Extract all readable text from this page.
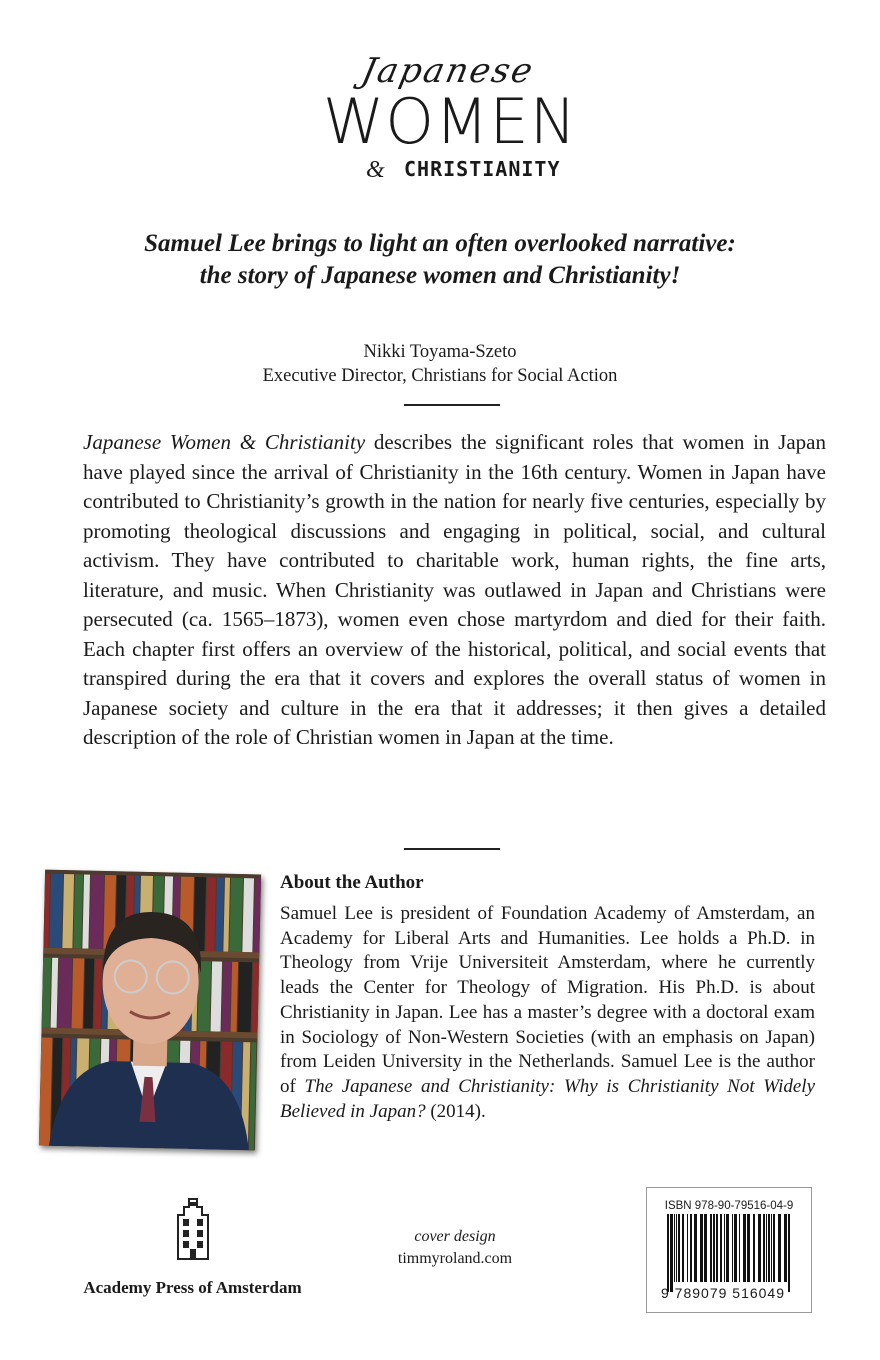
Japanese
WOMEN
& CHRISTIANITY
Samuel Lee brings to light an often overlooked narrative:
the story of Japanese women and Christianity!
Nikki Toyama-Szeto
Executive Director, Christians for Social Action
Japanese Women & Christianity describes the significant roles that women in Japan have played since the arrival of Christianity in the 16th century. Women in Japan have contributed to Christianity’s growth in the nation for nearly five centuries, especially by promoting theological discussions and engaging in political, social, and cultural activism. They have contributed to charitable work, human rights, the fine arts, literature, and music. When Christianity was outlawed in Japan and Christians were persecuted (ca. 1565–1873), women even chose martyrdom and died for their faith. Each chapter first offers an overview of the historical, political, and social events that transpired during the era that it covers and explores the overall status of women in Japanese society and culture in the era that it addresses; it then gives a detailed description of the role of Christian women in Japan at the time.
About the Author

Samuel Lee is president of Foundation Academy of Amsterdam, an Academy for Liberal Arts and Humanities. Lee holds a Ph.D. in Theology from Vrije Universiteit Amsterdam, where he currently leads the Center for Theology of Migration. His Ph.D. is about Christianity in Japan. Lee has a master’s degree with a doctoral exam in Sociology of Non-Western Societies (with an emphasis on Japan) from Leiden University in the Netherlands. Samuel Lee is the author of The Japanese and Christianity: Why is Christianity Not Widely Believed in Japan? (2014).

Academy Press of Amsterdam
cover design
timmyroland.com
ISBN 978-90-79516-04-9
9 789079 516049
